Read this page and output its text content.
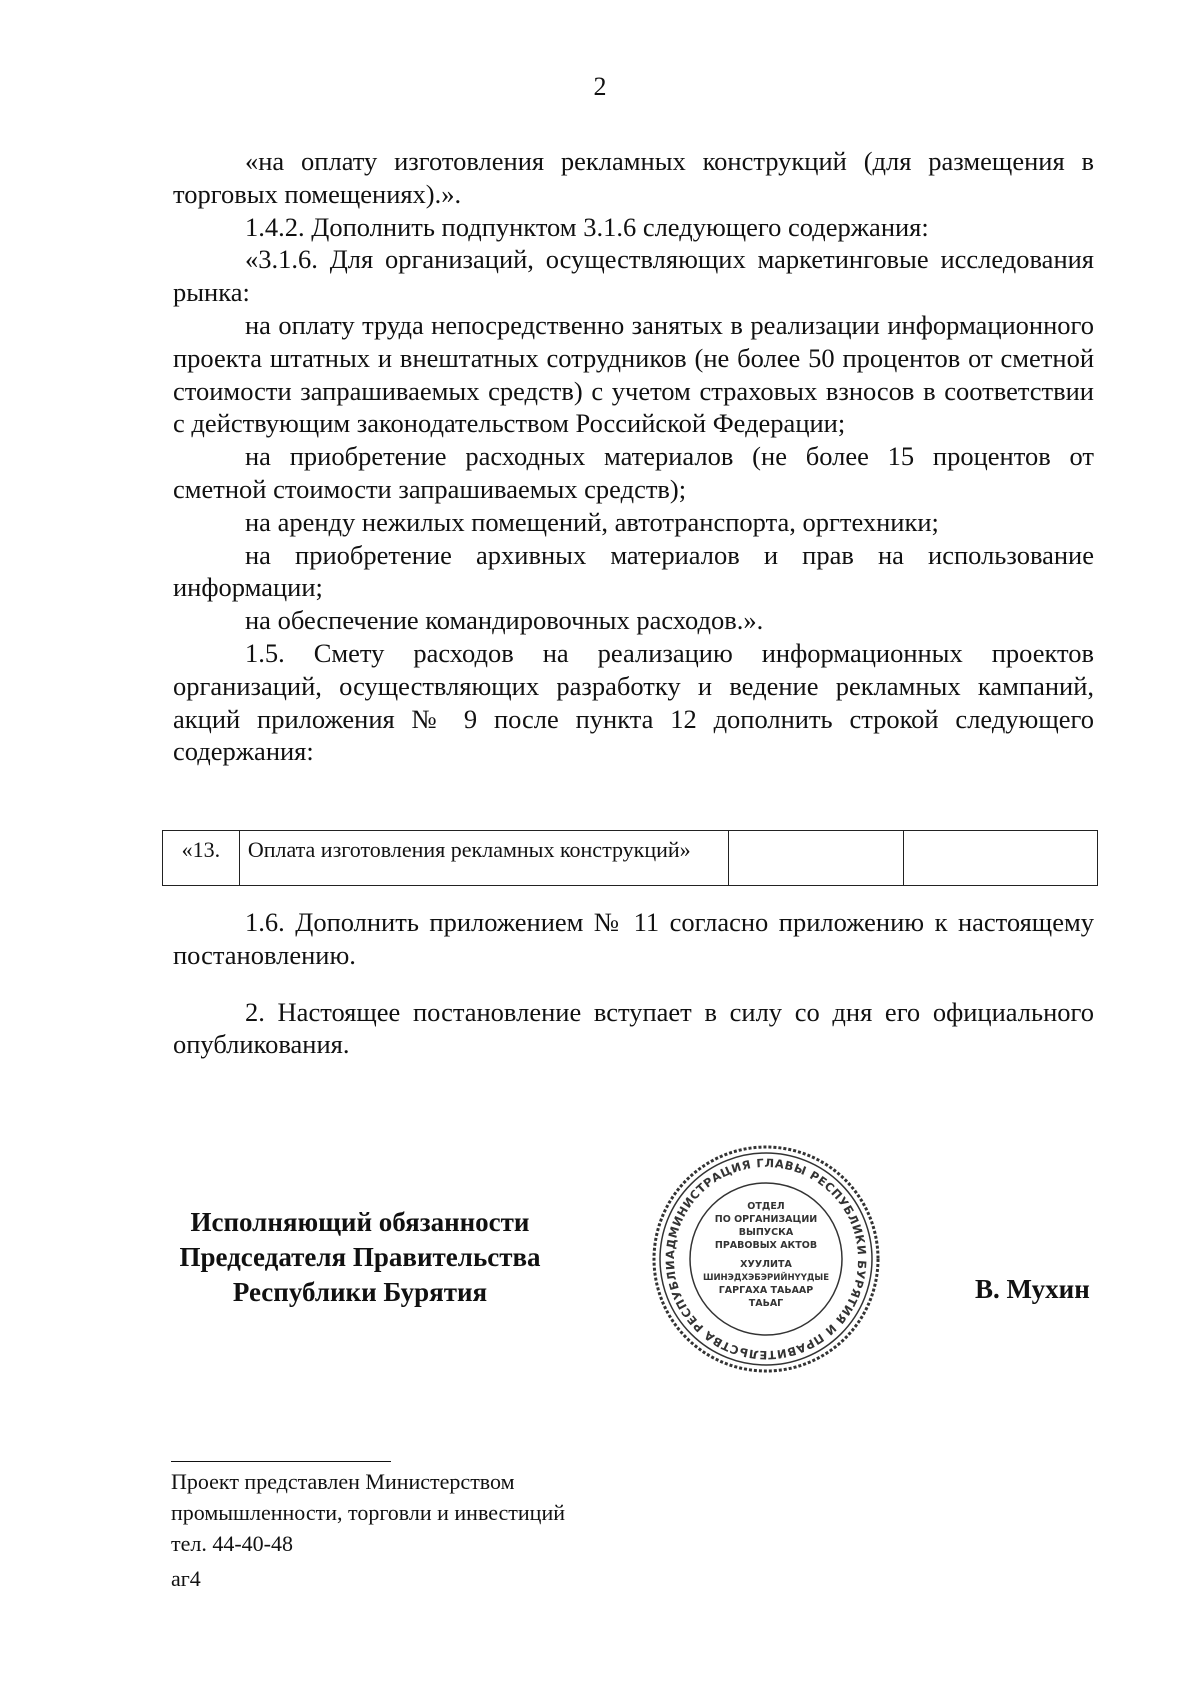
2

«на оплату изготовления рекламных конструкций (для размещения в торговых помещениях).».

1.4.2. Дополнить подпунктом 3.1.6 следующего содержания:

«3.1.6. Для организаций, осуществляющих маркетинговые исследования рынка:

на оплату труда непосредственно занятых в реализации информационного проекта штатных и внештатных сотрудников (не более 50 процентов от сметной стоимости запрашиваемых средств) с учетом страховых взносов в соответствии с действующим законодательством Российской Федерации;

на приобретение расходных материалов (не более 15 процентов от сметной стоимости запрашиваемых средств);

на аренду нежилых помещений, автотранспорта, оргтехники;

на приобретение архивных материалов и прав на использование информации;

на обеспечение командировочных расходов.».

1.5. Смету расходов на реализацию информационных проектов организаций, осуществляющих разработку и ведение рекламных кампаний, акций приложения № 9 после пункта 12 дополнить строкой следующего содержания:

«13.	Оплата изготовления рекламных конструкций»		

1.6. Дополнить приложением № 11 согласно приложению к настоящему постановлению.

2. Настоящее постановление вступает в силу со дня его официального опубликования.

Исполняющий обязанности
Председателя Правительства
Республики Бурятия
АДМИНИСТРАЦИЯ ГЛАВЫ РЕСПУБЛИКИ БУРЯТИЯ И ПРАВИТЕЛЬСТВА РЕСПУБЛИ
ОТДЕЛ
ПО ОРГАНИЗАЦИИ
ВЫПУСКА
ПРАВОВЫХ АКТОВ
ХУУЛИТА
ШИНЭДХЭБЭРИЙНҮҮДЫЕ
ГАРГАХА ТАЬААР
ТАЬАГ	В. Мухин
Проект представлен Министерством
промышленности, торговли и инвестиций
тел. 44-40-48
аг4
